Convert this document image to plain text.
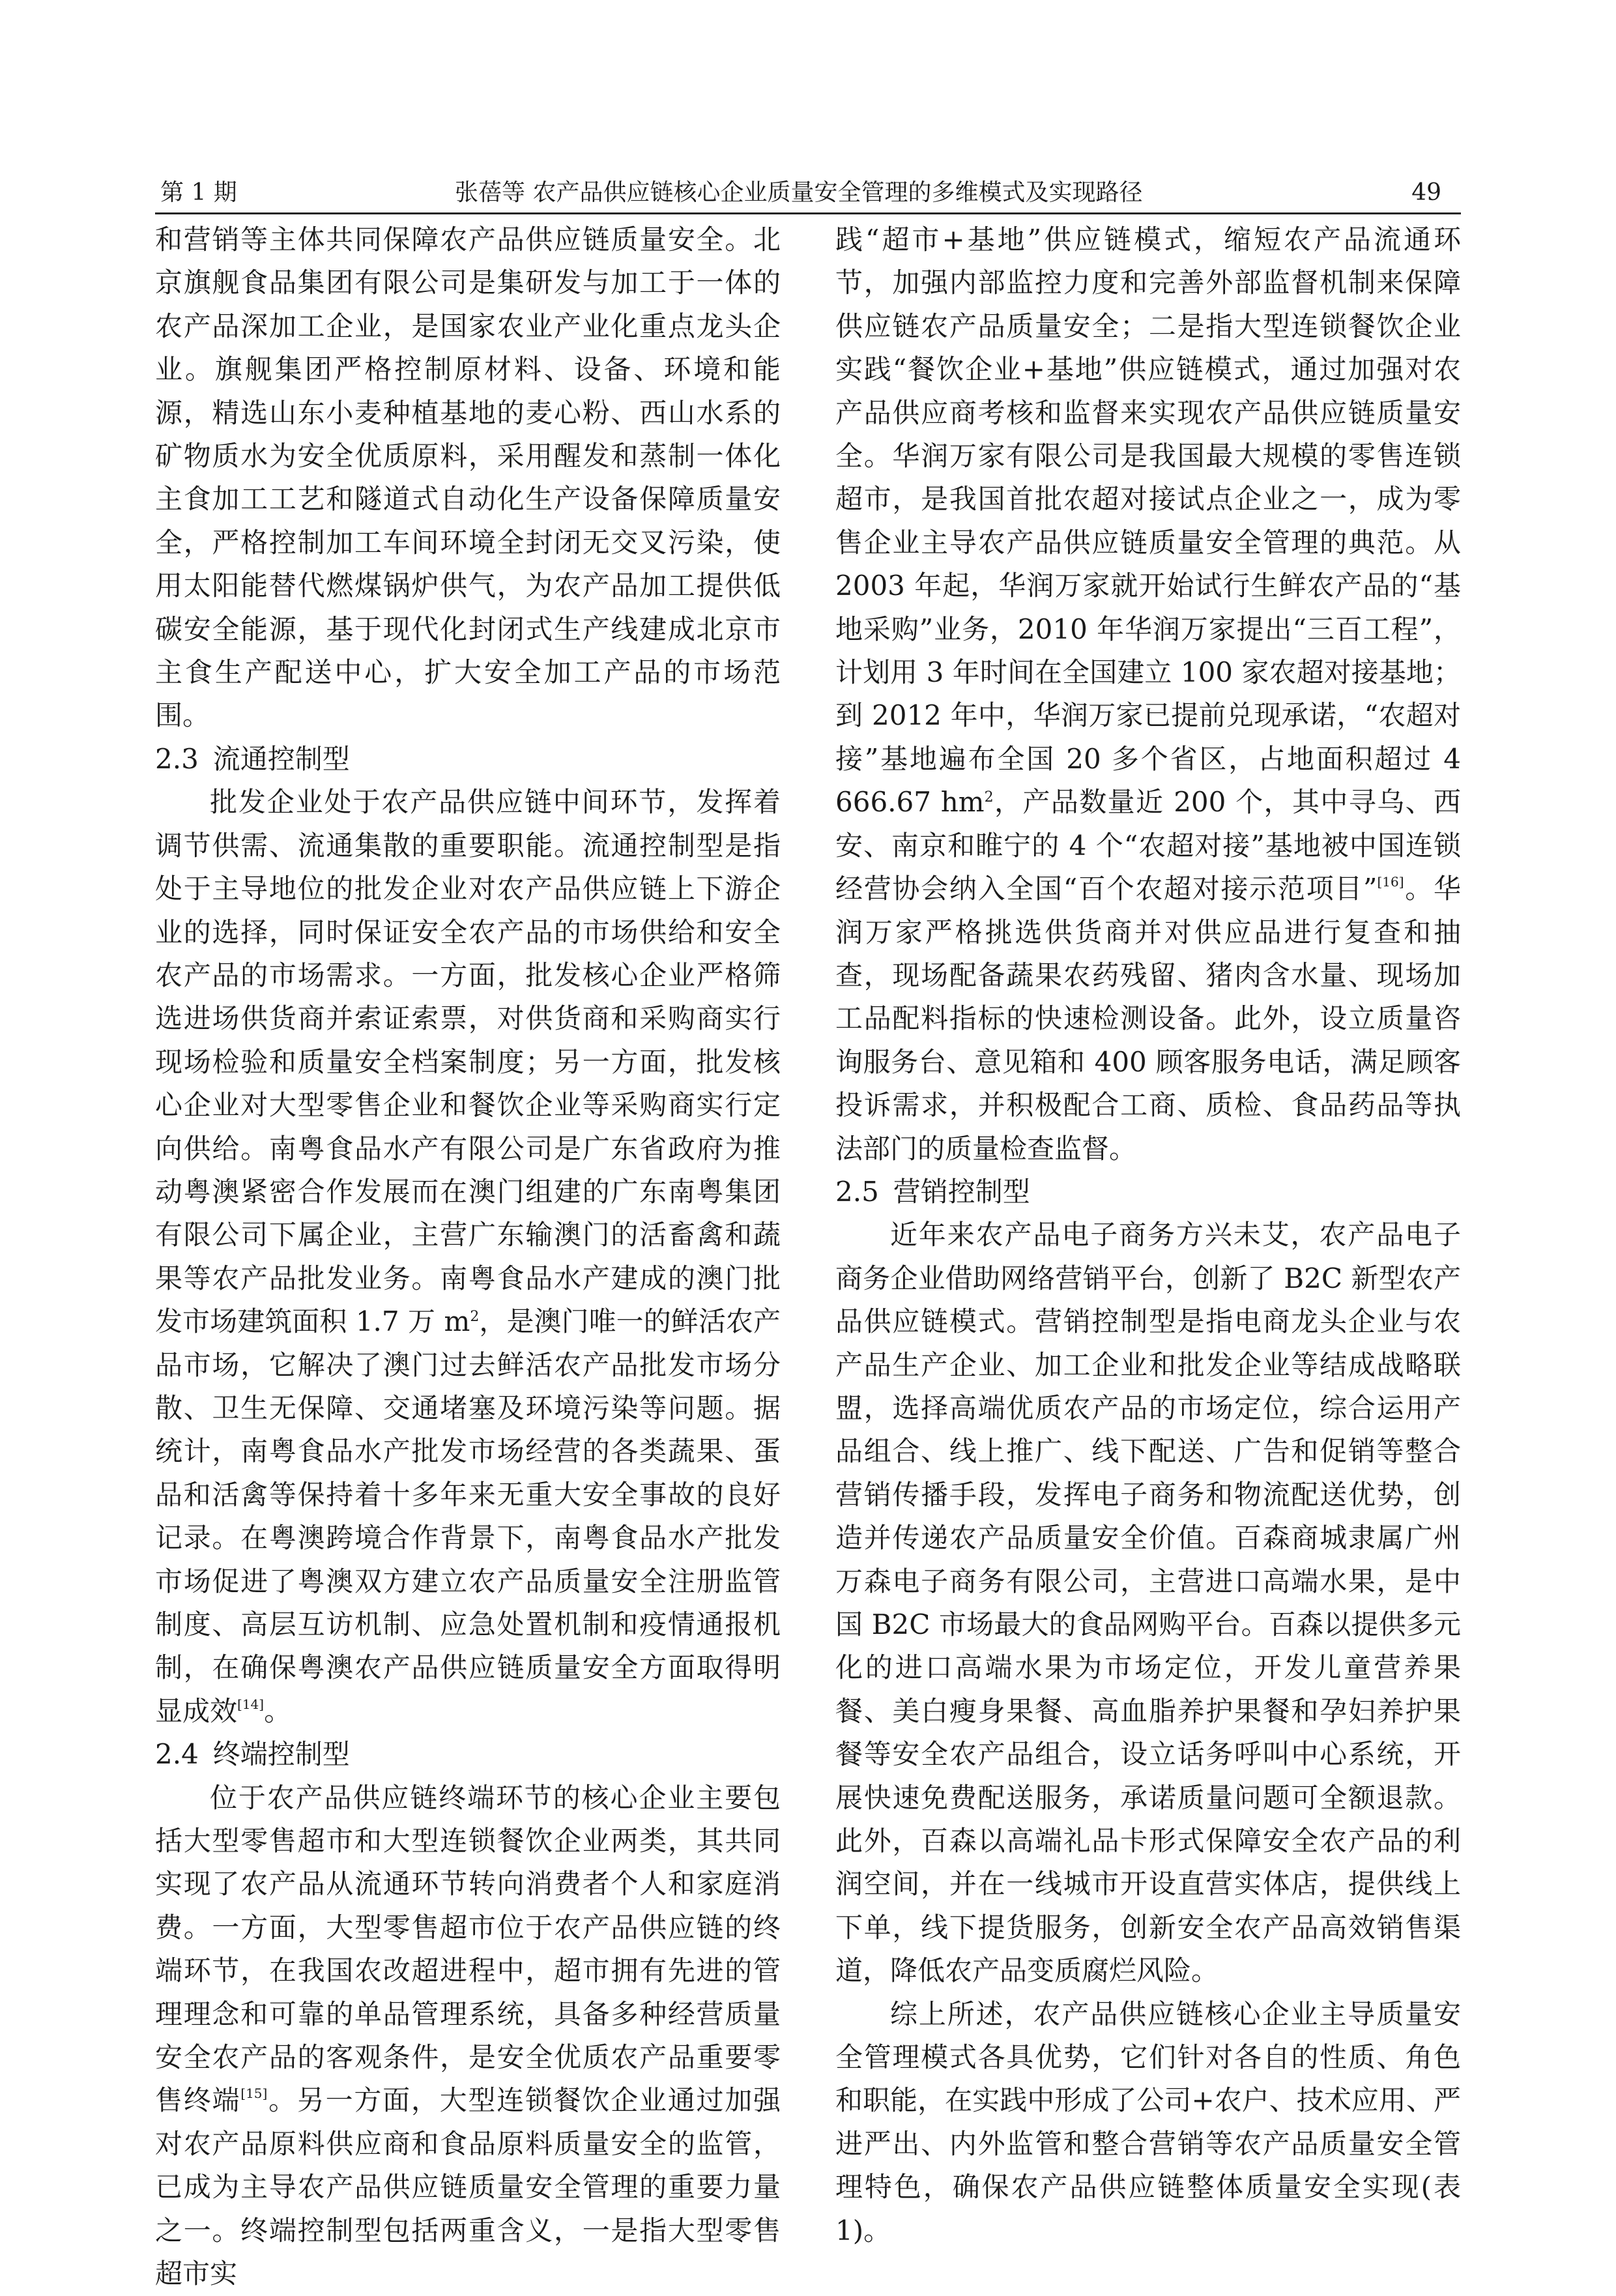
第 1 期	张蓓等 农产品供应链核心企业质量安全管理的多维模式及实现路径	49

和营销等主体共同保障农产品供应链质量安全。北京旗舰食品集团有限公司是集研发与加工于一体的农产品深加工企业，是国家农业产业化重点龙头企业。旗舰集团严格控制原材料、设备、环境和能源，精选山东小麦种植基地的麦心粉、西山水系的矿物质水为安全优质原料，采用醒发和蒸制一体化主食加工工艺和隧道式自动化生产设备保障质量安全，严格控制加工车间环境全封闭无交叉污染，使用太阳能替代燃煤锅炉供气，为农产品加工提供低碳安全能源，基于现代化封闭式生产线建成北京市主食生产配送中心，扩大安全加工产品的市场范围。

2.3 流通控制型

批发企业处于农产品供应链中间环节，发挥着调节供需、流通集散的重要职能。流通控制型是指处于主导地位的批发企业对农产品供应链上下游企业的选择，同时保证安全农产品的市场供给和安全农产品的市场需求。一方面，批发核心企业严格筛选进场供货商并索证索票，对供货商和采购商实行现场检验和质量安全档案制度；另一方面，批发核心企业对大型零售企业和餐饮企业等采购商实行定向供给。南粤食品水产有限公司是广东省政府为推动粤澳紧密合作发展而在澳门组建的广东南粤集团有限公司下属企业，主营广东输澳门的活畜禽和蔬果等农产品批发业务。南粤食品水产建成的澳门批发市场建筑面积 1.7 万 $m^2$，是澳门唯一的鲜活农产品市场，它解决了澳门过去鲜活农产品批发市场分散、卫生无保障、交通堵塞及环境污染等问题。据统计，南粤食品水产批发市场经营的各类蔬果、蛋品和活禽等保持着十多年来无重大安全事故的良好记录。在粤澳跨境合作背景下，南粤食品水产批发市场促进了粤澳双方建立农产品质量安全注册监管制度、高层互访机制、应急处置机制和疫情通报机制，在确保粤澳农产品供应链质量安全方面取得明显成效[14]。

2.4 终端控制型

位于农产品供应链终端环节的核心企业主要包括大型零售超市和大型连锁餐饮企业两类，其共同实现了农产品从流通环节转向消费者个人和家庭消费。一方面，大型零售超市位于农产品供应链的终端环节，在我国农改超进程中，超市拥有先进的管理理念和可靠的单品管理系统，具备多种经营质量安全农产品的客观条件，是安全优质农产品重要零售终端[15]。另一方面，大型连锁餐饮企业通过加强对农产品原料供应商和食品原料质量安全的监管，已成为主导农产品供应链质量安全管理的重要力量之一。终端控制型包括两重含义，一是指大型零售超市实

践“超市+基地”供应链模式，缩短农产品流通环节，加强内部监控力度和完善外部监督机制来保障供应链农产品质量安全；二是指大型连锁餐饮企业实践“餐饮企业+基地”供应链模式，通过加强对农产品供应商考核和监督来实现农产品供应链质量安全。华润万家有限公司是我国最大规模的零售连锁超市，是我国首批农超对接试点企业之一，成为零售企业主导农产品供应链质量安全管理的典范。从 2003 年起，华润万家就开始试行生鲜农产品的“基地采购”业务，2010 年华润万家提出“三百工程”，计划用 3 年时间在全国建立 100 家农超对接基地；到 2012 年中，华润万家已提前兑现承诺，“农超对接”基地遍布全国 20 多个省区，占地面积超过 4 666.67 $hm^2$，产品数量近 200 个，其中寻乌、西安、南京和睢宁的 4 个“农超对接”基地被中国连锁经营协会纳入全国“百个农超对接示范项目”[16]。华润万家严格挑选供货商并对供应品进行复查和抽查，现场配备蔬果农药残留、猪肉含水量、现场加工品配料指标的快速检测设备。此外，设立质量咨询服务台、意见箱和 400 顾客服务电话，满足顾客投诉需求，并积极配合工商、质检、食品药品等执法部门的质量检查监督。

2.5 营销控制型

近年来农产品电子商务方兴未艾，农产品电子商务企业借助网络营销平台，创新了 B2C 新型农产品供应链模式。营销控制型是指电商龙头企业与农产品生产企业、加工企业和批发企业等结成战略联盟，选择高端优质农产品的市场定位，综合运用产品组合、线上推广、线下配送、广告和促销等整合营销传播手段，发挥电子商务和物流配送优势，创造并传递农产品质量安全价值。百森商城隶属广州万森电子商务有限公司，主营进口高端水果，是中国 B2C 市场最大的食品网购平台。百森以提供多元化的进口高端水果为市场定位，开发儿童营养果餐、美白瘦身果餐、高血脂养护果餐和孕妇养护果餐等安全农产品组合，设立话务呼叫中心系统，开展快速免费配送服务，承诺质量问题可全额退款。此外，百森以高端礼品卡形式保障安全农产品的利润空间，并在一线城市开设直营实体店，提供线上下单，线下提货服务，创新安全农产品高效销售渠道，降低农产品变质腐烂风险。

综上所述，农产品供应链核心企业主导质量安全管理模式各具优势，它们针对各自的性质、角色和职能，在实践中形成了公司+农户、技术应用、严进严出、内外监管和整合营销等农产品质量安全管理特色，确保农产品供应链整体质量安全实现(表 1)。
